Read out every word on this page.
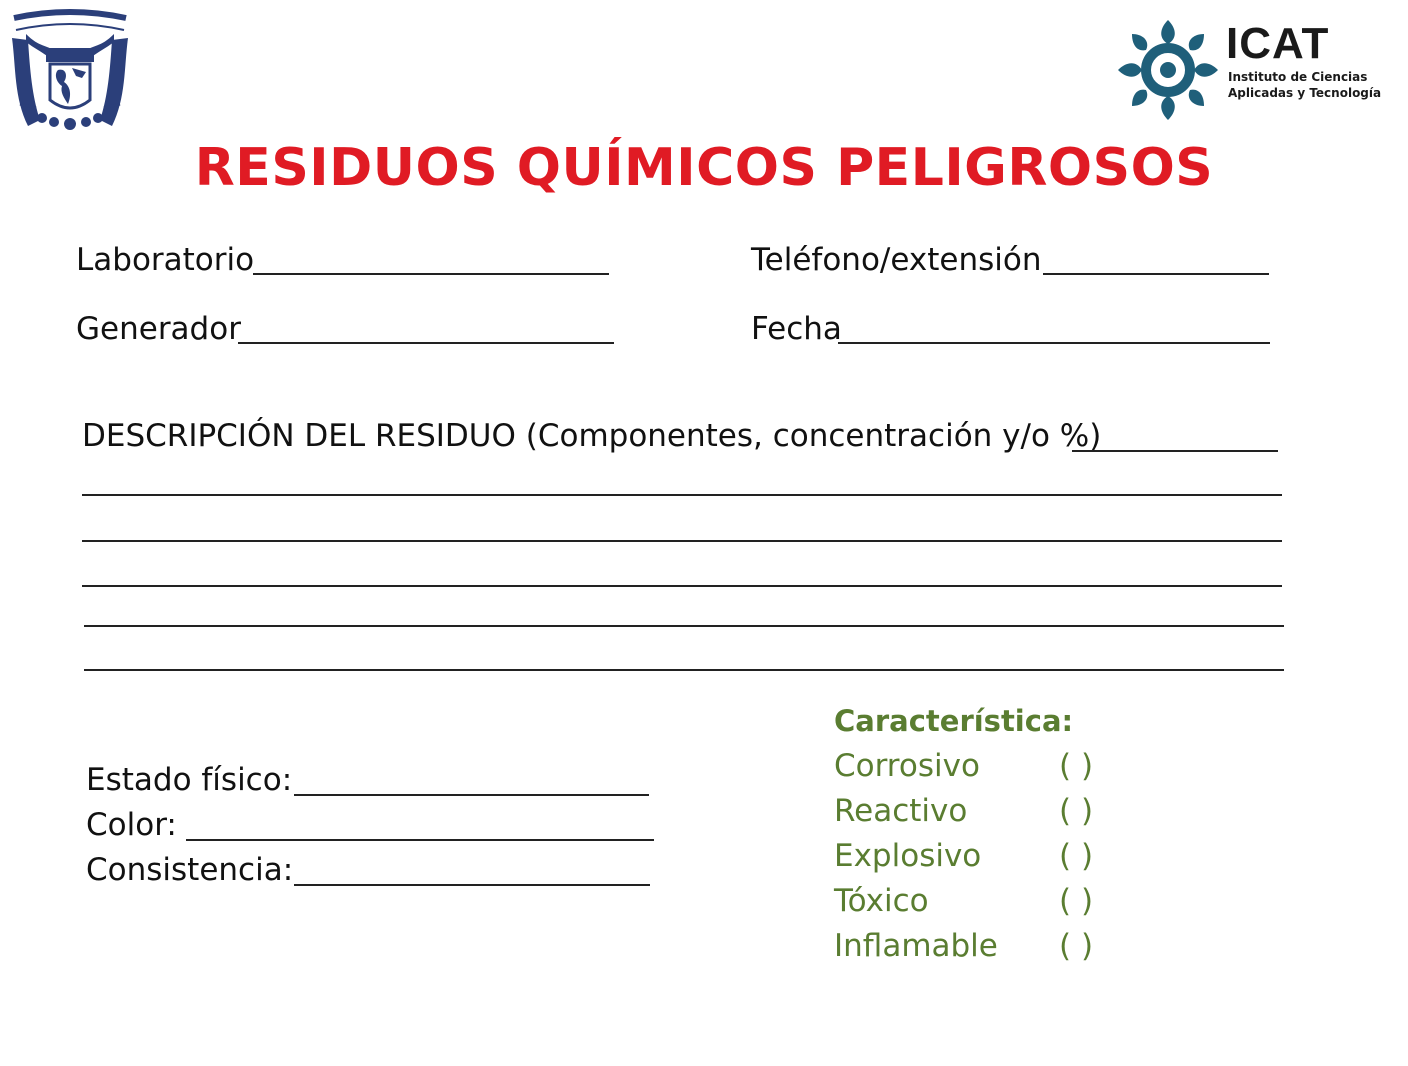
ICAT
Instituto de Ciencias
Aplicadas y Tecnología
RESIDUOS QUÍMICOS PELIGROSOS
Laboratorio	Teléfono/extensión
Generador	Fecha
DESCRIPCIÓN DEL RESIDUO (Componentes, concentración y/o %)
Estado físico:
Color:
Consistencia:
Característica:
Corrosivo	( )
Reactivo	( )
Explosivo	( )
Tóxico	( )
Inflamable ( )
